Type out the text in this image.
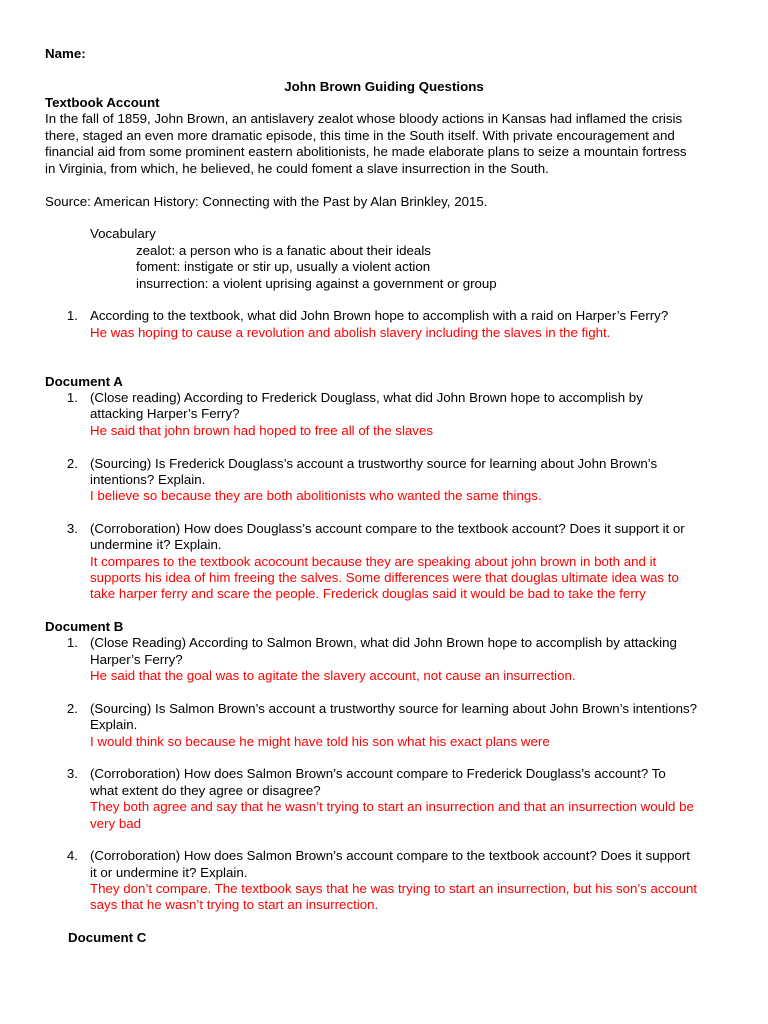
Name:
John Brown Guiding Questions
Textbook Account
In the fall of 1859, John Brown, an antislavery zealot whose bloody actions in Kansas had inflamed the crisis
there, staged an even more dramatic episode, this time in the South itself. With private encouragement and
financial aid from some prominent eastern abolitionists, he made elaborate plans to seize a mountain fortress
in Virginia, from which, he believed, he could foment a slave insurrection in the South.
Source: American History: Connecting with the Past by Alan Brinkley, 2015.
Vocabulary
zealot: a person who is a fanatic about their ideals
foment: instigate or stir up, usually a violent action
insurrection: a violent uprising against a government or group
1. According to the textbook, what did John Brown hope to accomplish with a raid on Harper’s Ferry?
He was hoping to cause a revolution and abolish slavery including the slaves in the fight.
Document A
1. (Close reading) According to Frederick Douglass, what did John Brown hope to accomplish by
attacking Harper’s Ferry?
He said that john brown had hoped to free all of the slaves
2. (Sourcing) Is Frederick Douglass’s account a trustworthy source for learning about John Brown’s
intentions? Explain.
I believe so because they are both abolitionists who wanted the same things.
3. (Corroboration) How does Douglass’s account compare to the textbook account? Does it support it or
undermine it? Explain.
It compares to the textbook acocount because they are speaking about john brown in both and it
supports his idea of him freeing the salves. Some differences were that douglas ultimate idea was to
take harper ferry and scare the people. Frederick douglas said it would be bad to take the ferry
Document B
1. (Close Reading) According to Salmon Brown, what did John Brown hope to accomplish by attacking
Harper’s Ferry?
He said that the goal was to agitate the slavery account, not cause an insurrection.
2. (Sourcing) Is Salmon Brown’s account a trustworthy source for learning about John Brown’s intentions?
Explain.
I would think so because he might have told his son what his exact plans were
3. (Corroboration) How does Salmon Brown’s account compare to Frederick Douglass’s account? To
what extent do they agree or disagree?
They both agree and say that he wasn’t trying to start an insurrection and that an insurrection would be
very bad
4. (Corroboration) How does Salmon Brown’s account compare to the textbook account? Does it support
it or undermine it? Explain.
They don’t compare. The textbook says that he was trying to start an insurrection, but his son’s account
says that he wasn’t trying to start an insurrection.
Document C
